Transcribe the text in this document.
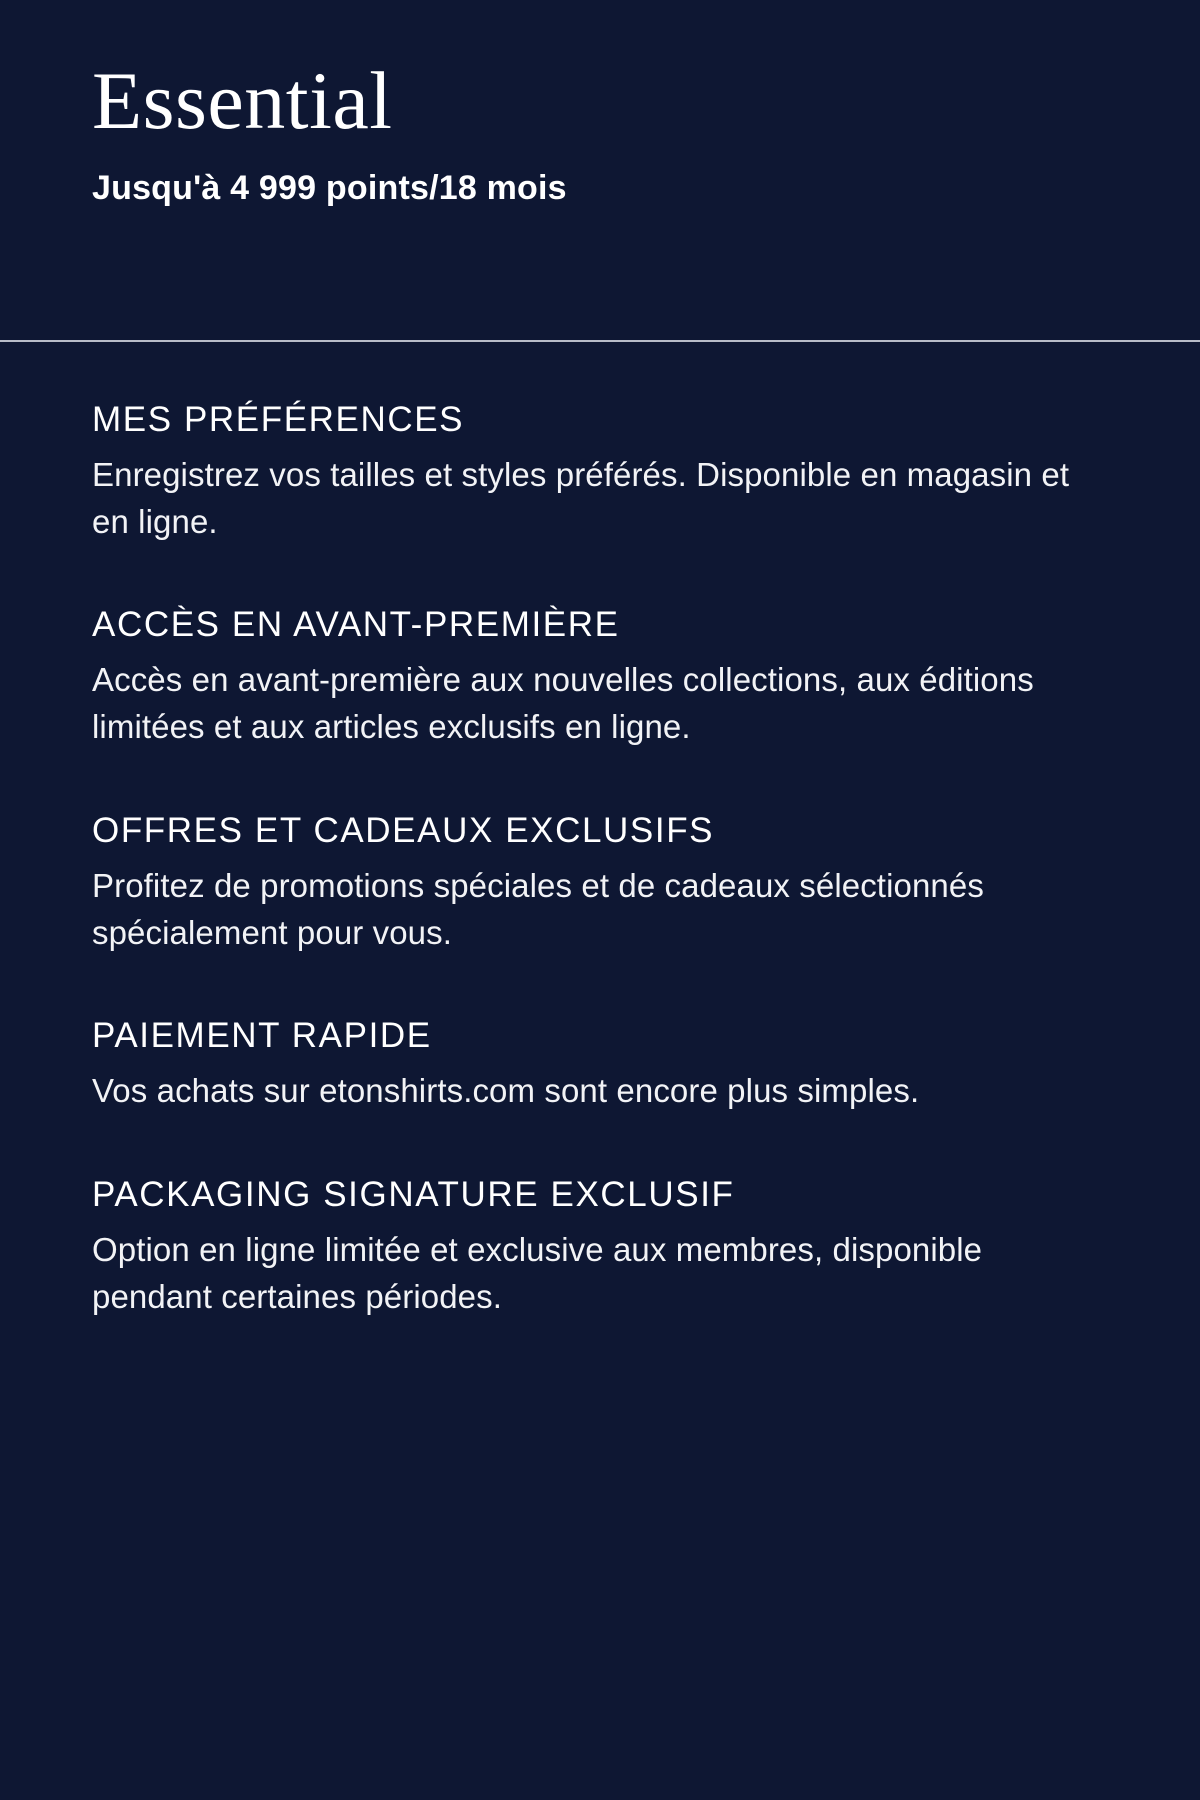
Essential

Jusqu'à 4 999 points/18 mois

MES PRÉFÉRENCES

Enregistrez vos tailles et styles préférés. Disponible en magasin et en ligne.

ACCÈS EN AVANT-PREMIÈRE

Accès en avant-première aux nouvelles collections, aux éditions limitées et aux articles exclusifs en ligne.

OFFRES ET CADEAUX EXCLUSIFS

Profitez de promotions spéciales et de cadeaux sélectionnés spécialement pour vous.

PAIEMENT RAPIDE

Vos achats sur etonshirts.com sont encore plus simples.

PACKAGING SIGNATURE EXCLUSIF

Option en ligne limitée et exclusive aux membres, disponible pendant certaines périodes.
